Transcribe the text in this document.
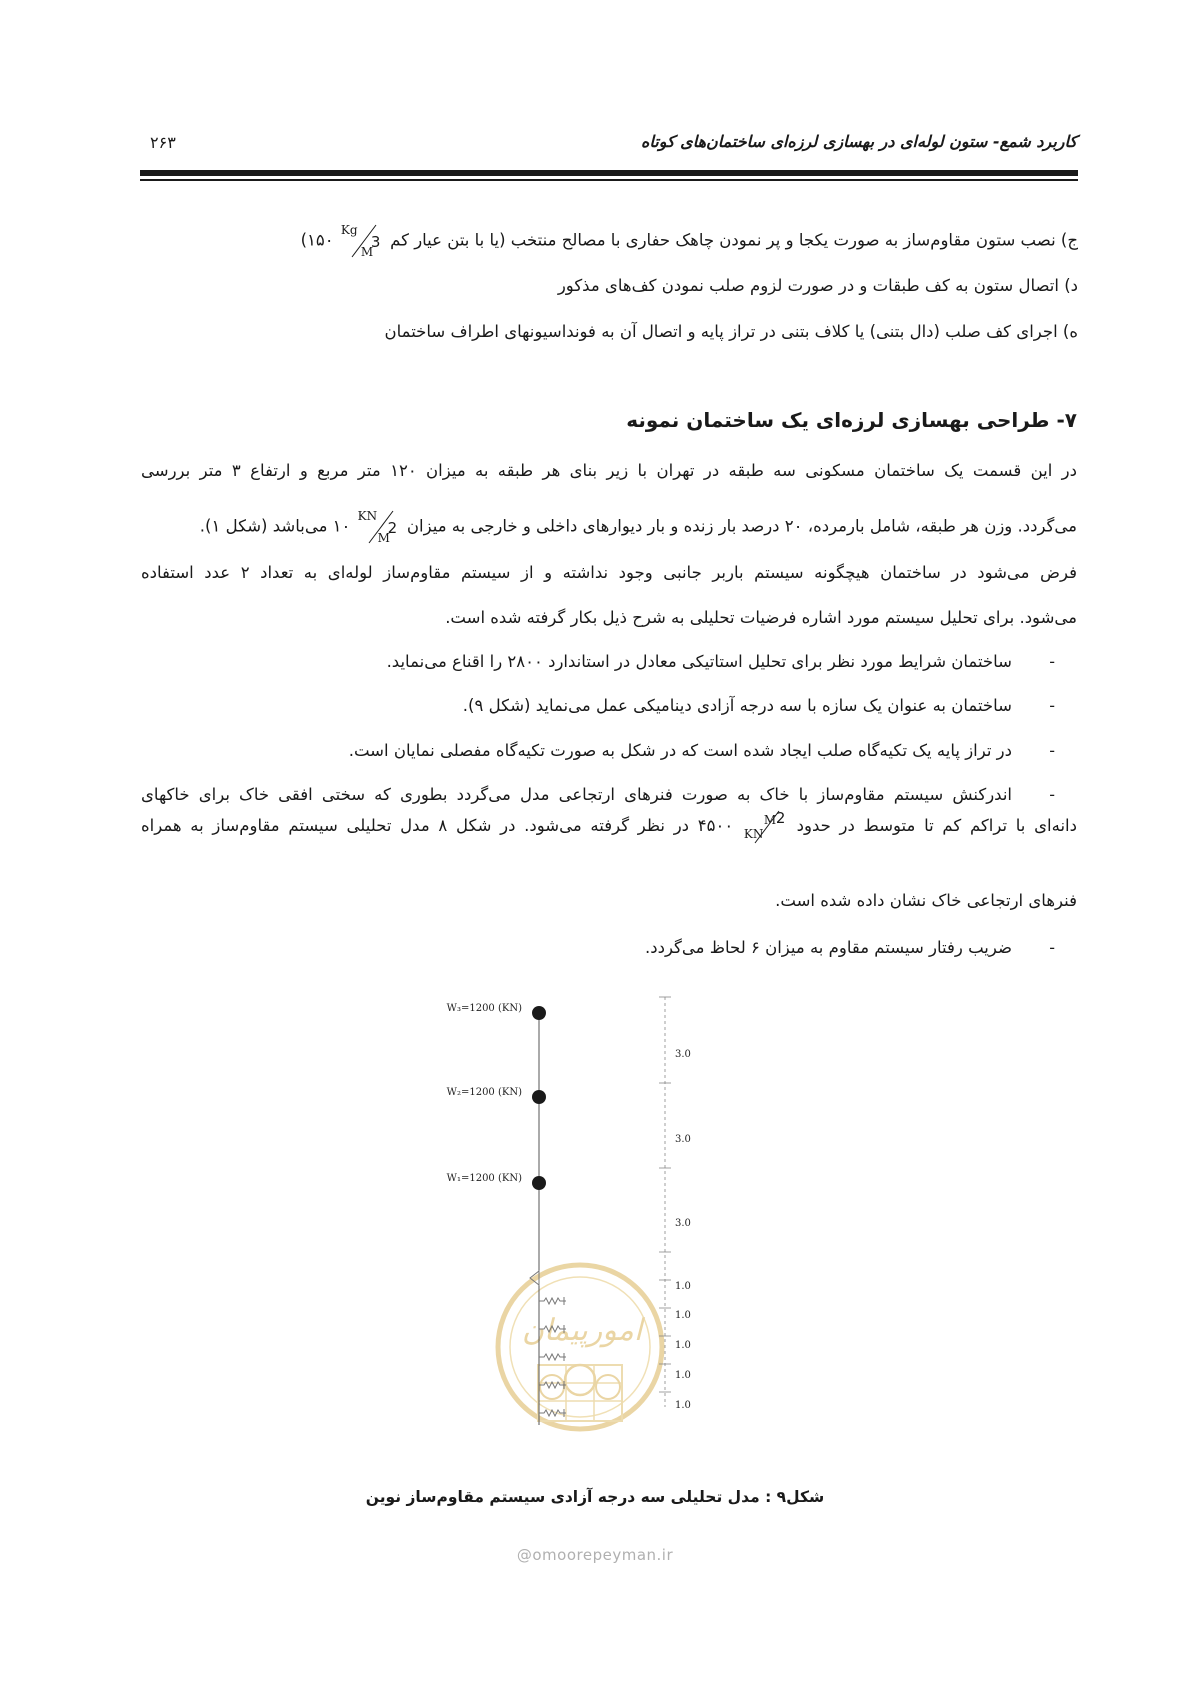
کاربرد شمع- ستون لوله‌ای در بهسازی لرزه‌ای ساختمان‌های کوتاه
۲۶۳
ج) نصب ستون مقاوم‌ساز به صورت یکجا و پر نمودن چاهک حفاری با مصالح منتخب (یا با بتن عیار کم
Kg
M
3
۱۵۰)
د) اتصال ستون به کف طبقات و در صورت لزوم صلب نمودن کف‌های مذکور
ه) اجرای کف صلب (دال بتنی) یا کلاف بتنی در تراز پایه و اتصال آن به فونداسیونهای اطراف ساختمان
۷- طراحی بهسازی لرزه‌ای یک ساختمان نمونه
در این قسمت یک ساختمان مسکونی سه طبقه در تهران با زیر بنای هر طبقه به میزان ۱۲۰ متر مربع و ارتفاع ۳ متر بررسی
می‌گردد. وزن هر طبقه، شامل بارمرده، ۲۰ درصد بار زنده و بار دیوارهای داخلی و خارجی به میزان
KN
M
2
۱۰ می‌باشد (شکل ۱).
فرض می‌شود در ساختمان هیچگونه سیستم باربر جانبی وجود نداشته و از سیستم مقاوم‌ساز لوله‌ای به تعداد ۲ عدد استفاده
می‌شود. برای تحلیل سیستم مورد اشاره فرضیات تحلیلی به شرح ذیل بکار گرفته شده است.
-
ساختمان شرایط مورد نظر برای تحلیل استاتیکی معادل در استاندارد ۲۸۰۰ را اقناع می‌نماید.
-
ساختمان به عنوان یک سازه با سه درجه آزادی دینامیکی عمل می‌نماید (شکل ۹).
-
در تراز پایه یک تکیه‌گاه صلب ایجاد شده است که در شکل به صورت تکیه‌گاه مفصلی نمایان است.
-
اندرکنش سیستم مقاوم‌ساز با خاک به صورت فنرهای ارتجاعی مدل می‌گردد بطوری که سختی افقی خاک برای خاکهای
دانه‌ای با تراکم کم تا متوسط در حدود
KN
M 2
۴۵۰۰ در نظر گرفته می‌شود. در شکل ۸ مدل تحلیلی سیستم مقاوم‌ساز به همراه
فنرهای ارتجاعی خاک نشان داده شده است.
-
ضریب رفتار سیستم مقاوم به میزان ۶ لحاظ می‌گردد.
امورپیمان
W₃=1200 (KN)
W₂=1200 (KN)
W₁=1200 (KN)
3.0
3.0
3.0
1.0
1.0
1.0
1.0
1.0
شکل۹ : مدل تحلیلی سه درجه آزادی سیستم مقاوم‌ساز نوین
@omoorepeyman.ir
